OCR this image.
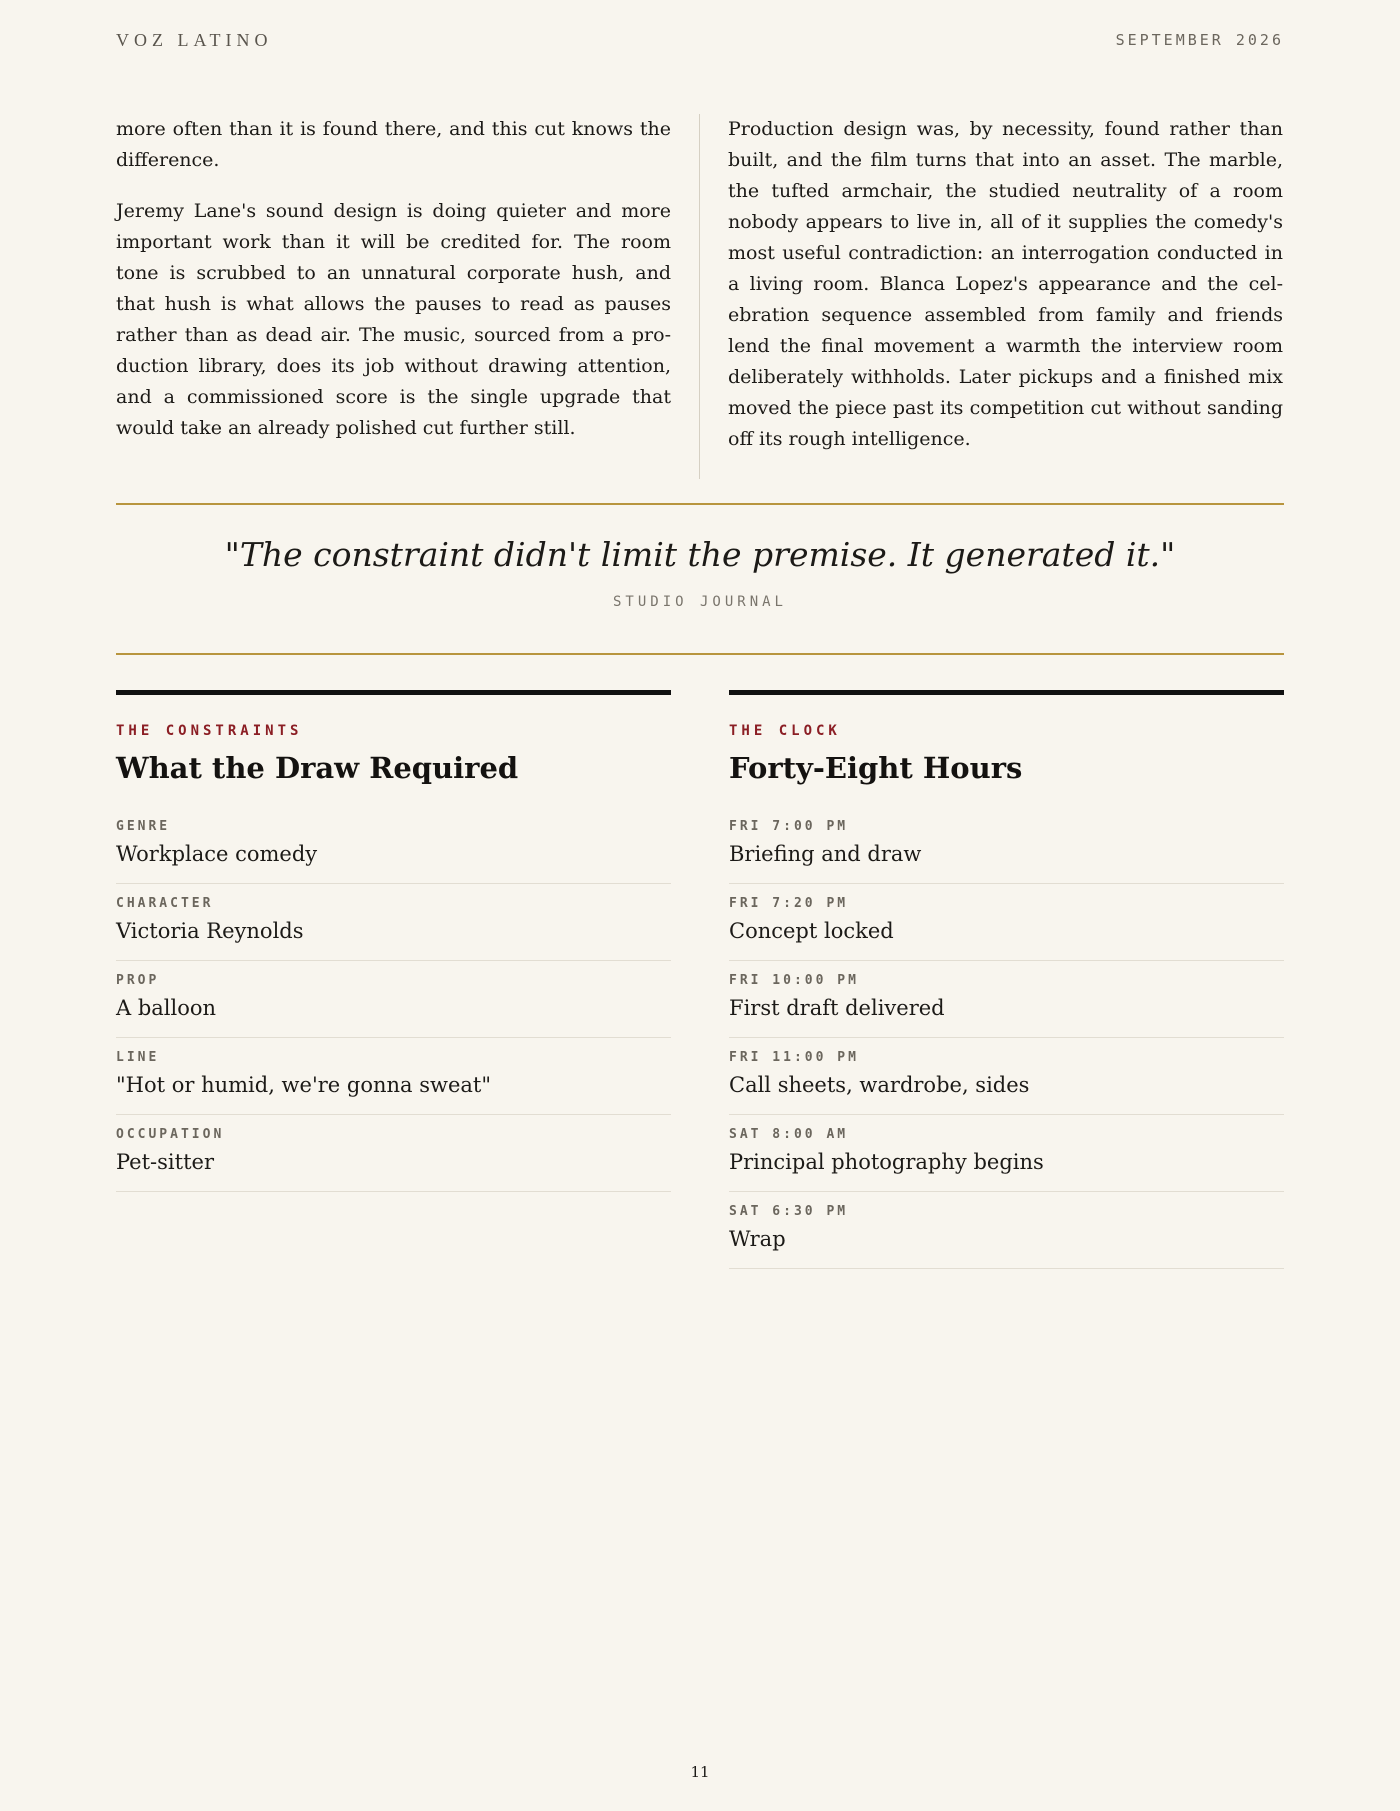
VOZ LATINO	SEPTEMBER 2026

more often than it is found there, and this cut knows the difference.

Jeremy Lane's sound design is doing quieter and more important work than it will be credited for. The room tone is scrubbed to an unnatural corporate hush, and that hush is what allows the pauses to read as pauses rather than as dead air. The music, sourced from a production library, does its job without drawing attention, and a commissioned score is the single upgrade that would take an already polished cut further still.

Production design was, by necessity, found rather than built, and the film turns that into an asset. The marble, the tufted armchair, the studied neutrality of a room nobody appears to live in, all of it supplies the comedy's most useful contradiction: an interrogation conducted in a living room. Blanca Lopez's appearance and the celebration sequence assembled from family and friends lend the final movement a warmth the interview room deliberately withholds. Later pickups and a finished mix moved the piece past its competition cut without sanding off its rough intelligence.

"The constraint didn't limit the premise. It generated it."
STUDIO JOURNAL
THE CONSTRAINTS
What the Draw Required
GENRE
Workplace comedy
CHARACTER
Victoria Reynolds
PROP
A balloon
LINE
"Hot or humid, we're gonna sweat"
OCCUPATION
Pet-sitter
THE CLOCK
Forty-Eight Hours
FRI 7:00 PM
Briefing and draw
FRI 7:20 PM
Concept locked
FRI 10:00 PM
First draft delivered
FRI 11:00 PM
Call sheets, wardrobe, sides
SAT 8:00 AM
Principal photography begins
SAT 6:30 PM
Wrap
11
